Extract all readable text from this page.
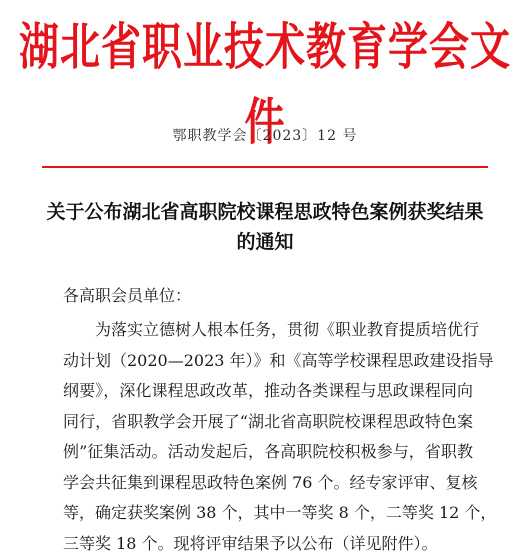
湖北省职业技术教育学会文件
鄂职教学会〔2023〕12 号
关于公布湖北省高职院校课程思政特色案例获奖结果
的通知
各高职会员单位：
为落实立德树人根本任务，贯彻《职业教育提质培优行
动计划（2020—2023 年）》和《高等学校课程思政建设指导
纲要》，深化课程思政改革，推动各类课程与思政课程同向
同行，省职教学会开展了“湖北省高职院校课程思政特色案
例”征集活动。活动发起后，各高职院校积极参与，省职教
学会共征集到课程思政特色案例 76 个。经专家评审、复核
等，确定获奖案例 38 个，其中一等奖 8 个，二等奖 12 个，
三等奖 18 个。现将评审结果予以公布（详见附件）。
